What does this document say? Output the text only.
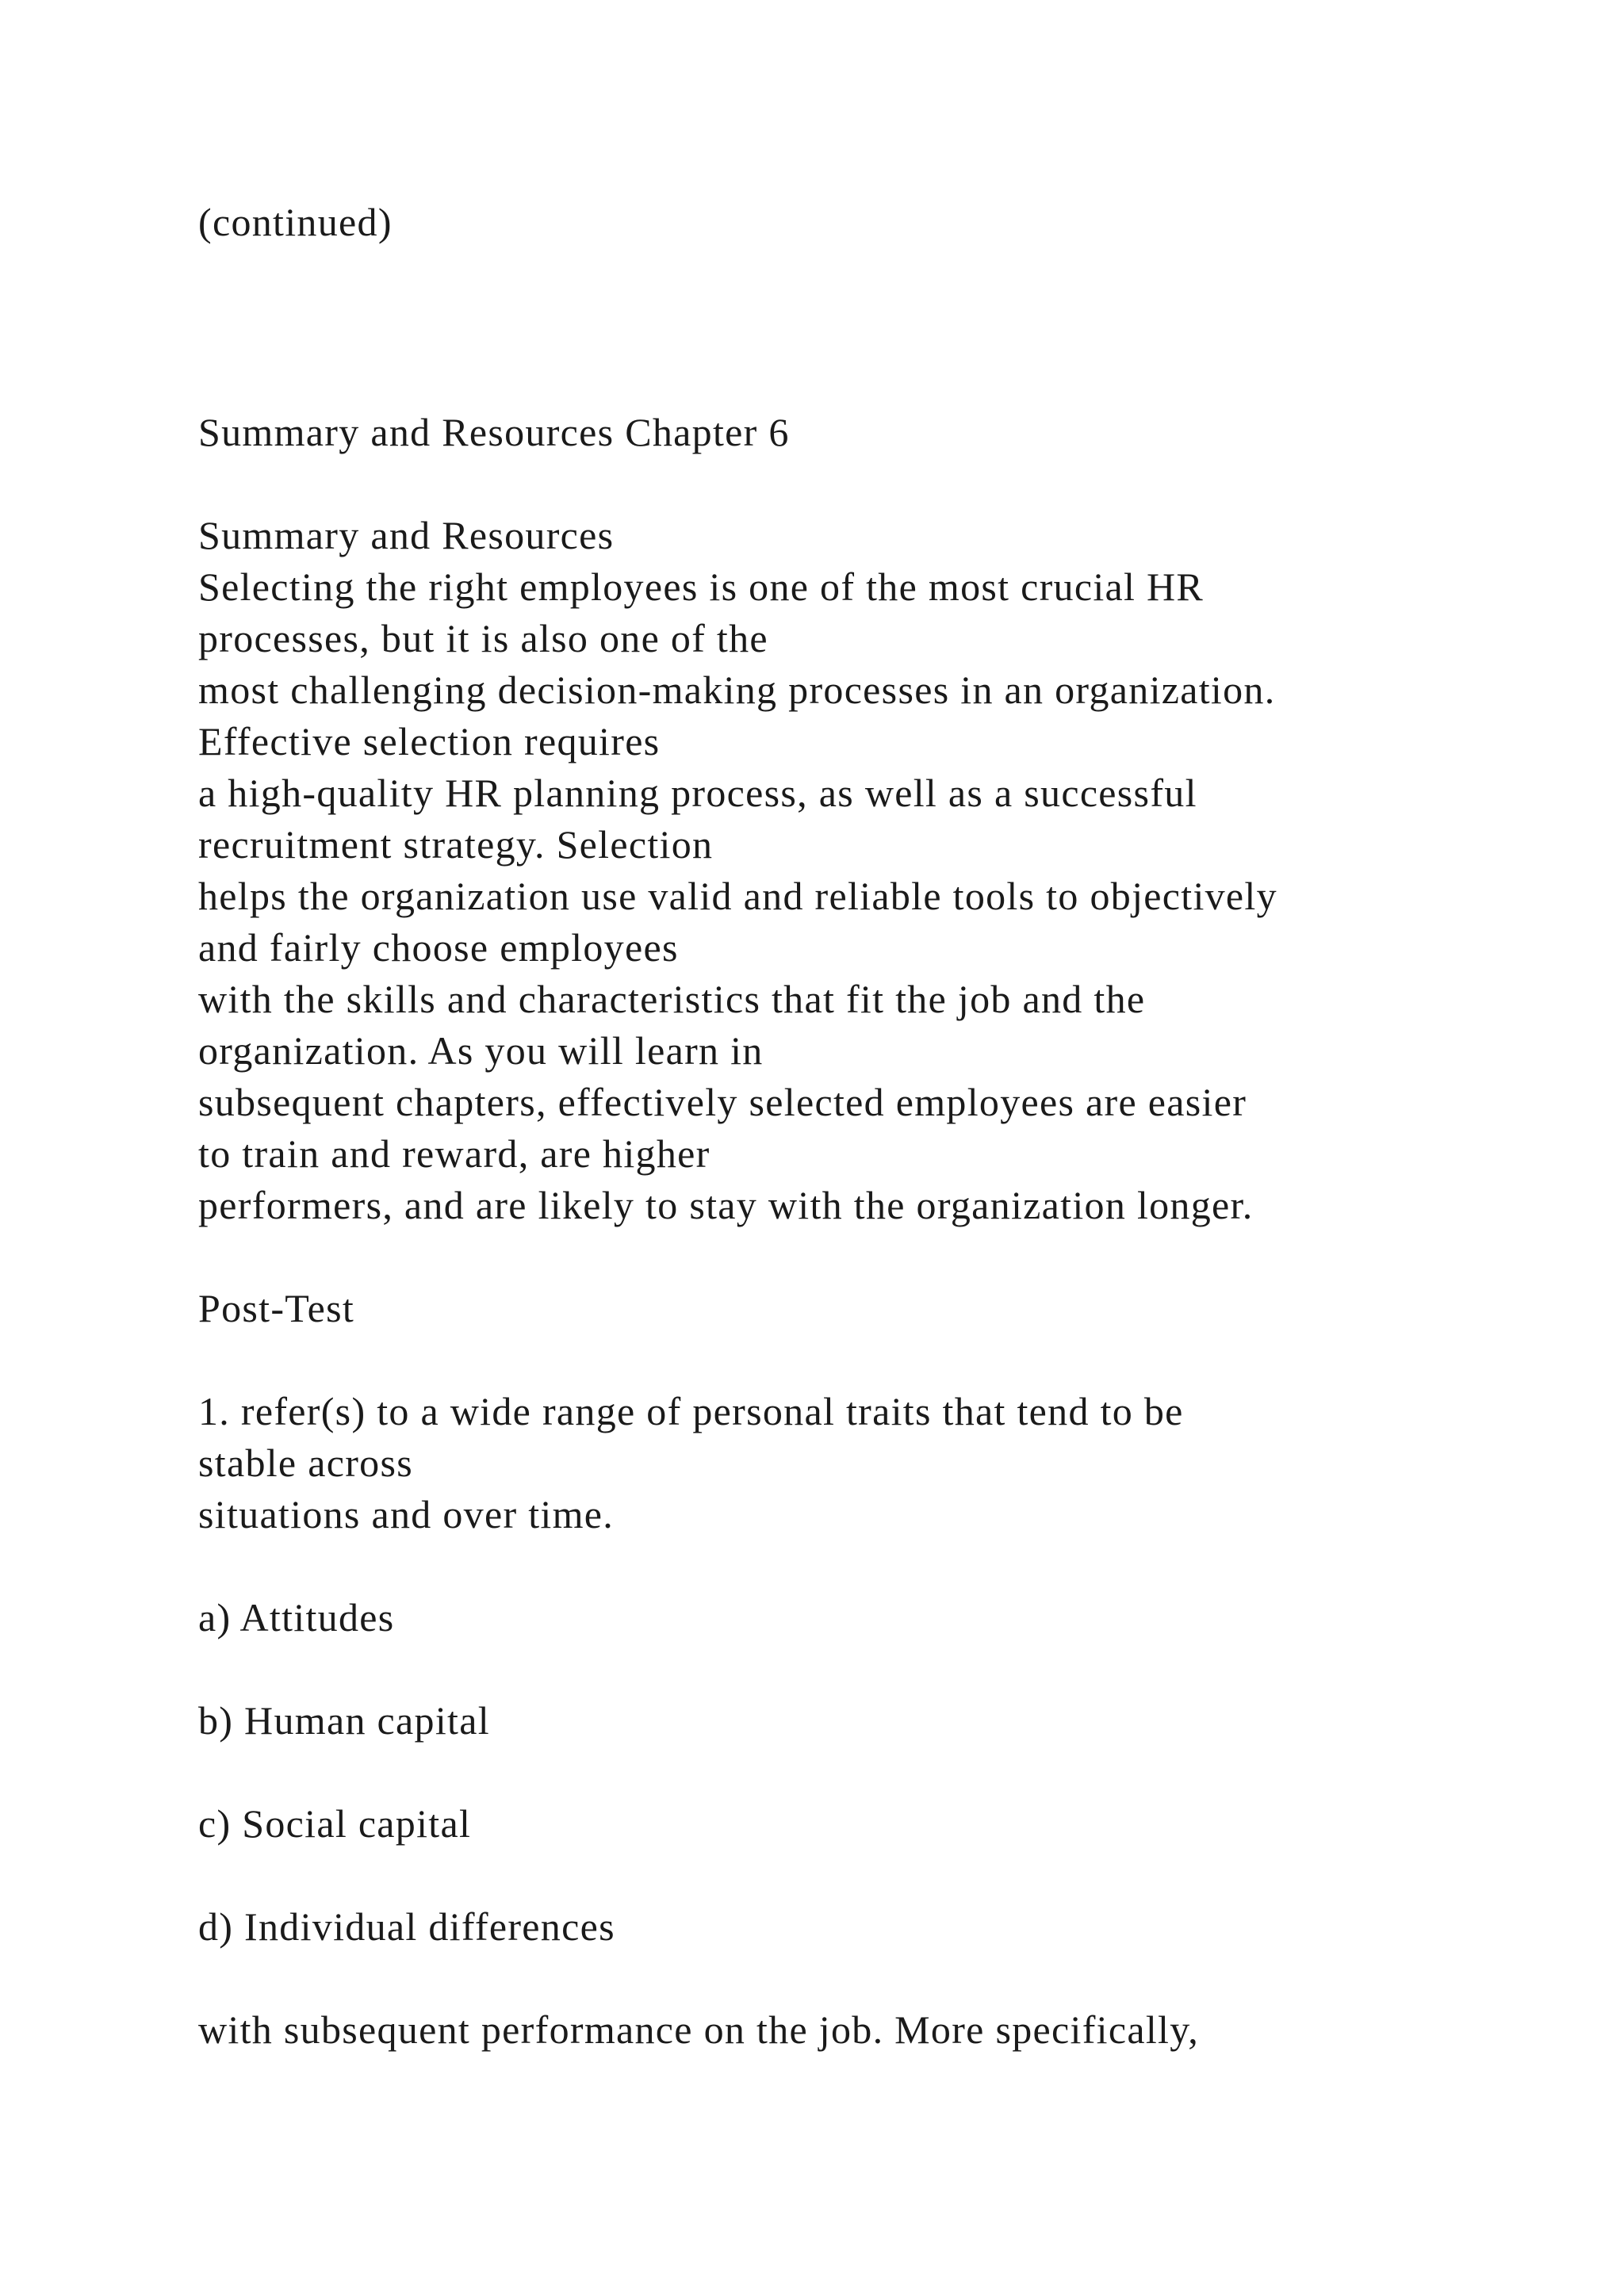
(continued)

Summary and Resources Chapter 6

Summary and Resources

Selecting the right employees is one of the most crucial HR

processes, but it is also one of the

most challenging decision-making processes in an organization.

Effective selection requires

a high-quality HR planning process, as well as a successful

recruitment strategy. Selection

helps the organization use valid and reliable tools to objectively

and fairly choose employees

with the skills and characteristics that fit the job and the

organization. As you will learn in

subsequent chapters, effectively selected employees are easier

to train and reward, are higher

performers, and are likely to stay with the organization longer.

Post-Test

1. refer(s) to a wide range of personal traits that tend to be

stable across

situations and over time.

a) Attitudes

b) Human capital

c) Social capital

d) Individual differences

with subsequent performance on the job. More specifically,
